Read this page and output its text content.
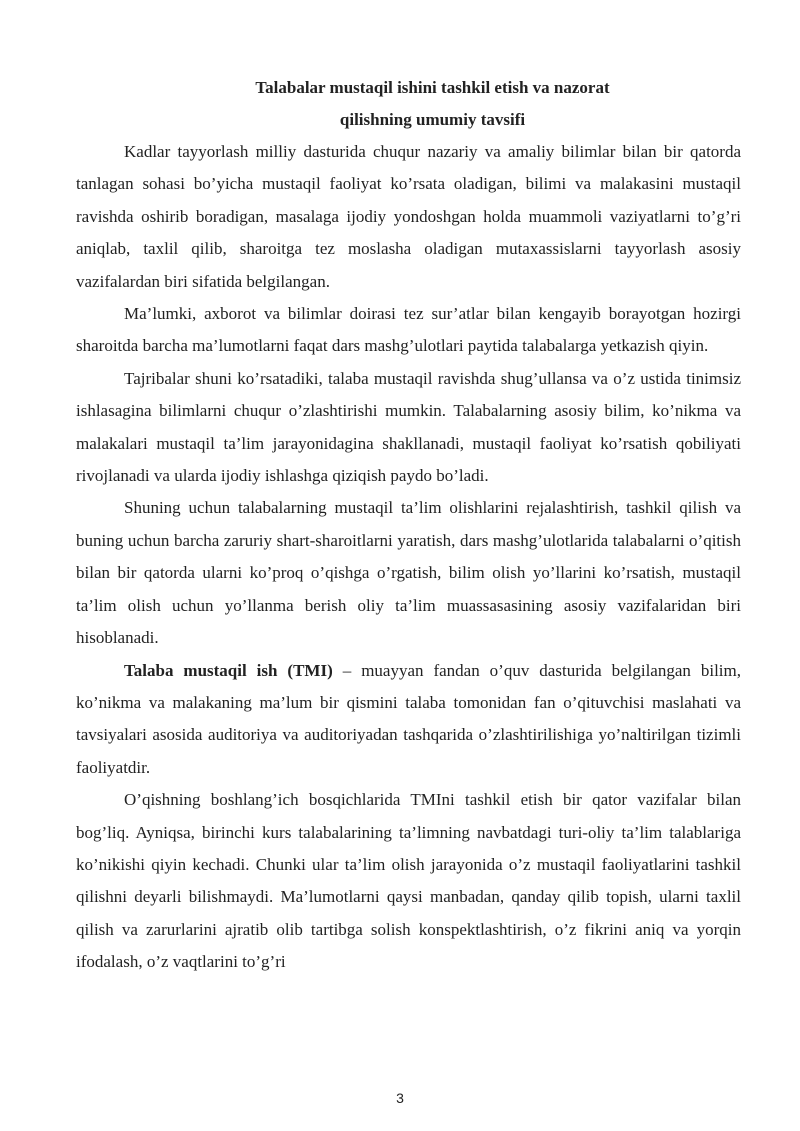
Talabalar mustaqil ishini tashkil etish va nazorat

qilishning umumiy tavsifi

Kadlar tayyorlash milliy dasturida chuqur nazariy va amaliy bilimlar bilan bir qatorda tanlagan sohasi bo’yicha mustaqil faoliyat ko’rsata oladigan, bilimi va malakasini mustaqil ravishda oshirib boradigan, masalaga ijodiy yondoshgan holda muammoli vaziyatlarni to’g’ri aniqlab, taxlil qilib, sharoitga tez moslasha oladigan mutaxassislarni tayyorlash asosiy vazifalardan biri sifatida belgilangan.

Ma’lumki, axborot va bilimlar doirasi tez sur’atlar bilan kengayib borayotgan hozirgi sharoitda barcha ma’lumotlarni faqat dars mashg’ulotlari paytida talabalarga yetkazish qiyin.

Tajribalar shuni ko’rsatadiki, talaba mustaqil ravishda shug’ullansa va o’z ustida tinimsiz ishlasagina bilimlarni chuqur o’zlashtirishi mumkin. Talabalarning asosiy bilim, ko’nikma va malakalari mustaqil ta’lim jarayonidagina shakllanadi, mustaqil faoliyat ko’rsatish qobiliyati rivojlanadi va ularda ijodiy ishlashga qiziqish paydo bo’ladi.

Shuning uchun talabalarning mustaqil ta’lim olishlarini rejalashtirish, tashkil qilish va buning uchun barcha zaruriy shart-sharoitlarni yaratish, dars mashg’ulotlarida talabalarni o’qitish bilan bir qatorda ularni ko’proq o’qishga o’rgatish, bilim olish yo’llarini ko’rsatish, mustaqil ta’lim olish uchun yo’llanma berish oliy ta’lim muassasasining asosiy vazifalaridan biri hisoblanadi.

Talaba mustaqil ish (TMI) – muayyan fandan o’quv dasturida belgilangan bilim, ko’nikma va malakaning ma’lum bir qismini talaba tomonidan fan o’qituvchisi maslahati va tavsiyalari asosida auditoriya va auditoriyadan tashqarida o’zlashtirilishiga yo’naltirilgan tizimli faoliyatdir.

O’qishning boshlang’ich bosqichlarida TMIni tashkil etish bir qator vazifalar bilan bog’liq. Ayniqsa, birinchi kurs talabalarining ta’limning navbatdagi turi-oliy ta’lim talablariga ko’nikishi qiyin kechadi. Chunki ular ta’lim olish jarayonida o’z mustaqil faoliyatlarini tashkil qilishni deyarli bilishmaydi. Ma’lumotlarni qaysi manbadan, qanday qilib topish, ularni taxlil qilish va zarurlarini ajratib olib tartibga solish konspektlashtirish, o’z fikrini aniq va yorqin ifodalash, o’z vaqtlarini to’g’ri

3
